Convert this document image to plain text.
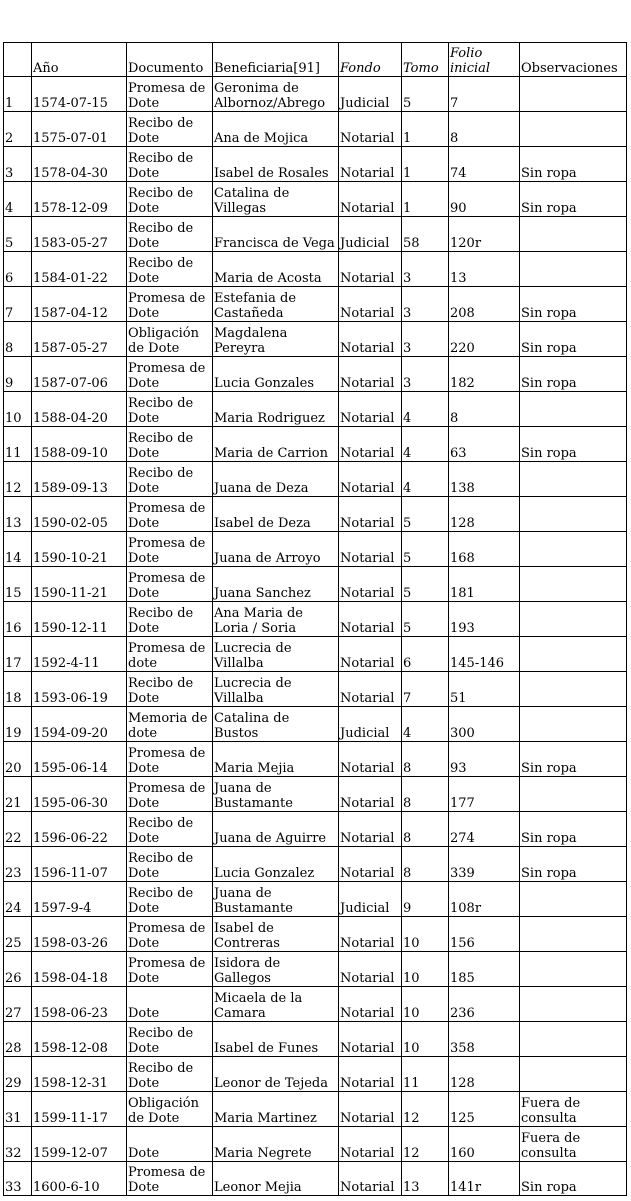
	Año	Documento	Beneficiaria[91]	Fondo	Tomo	Folio inicial	Observaciones
1	1574-07-15	Promesa de Dote	Geronima de Albornoz/Abrego	Judicial	5	7	
2	1575-07-01	Recibo de Dote	Ana de Mojica	Notarial	1	8	
3	1578-04-30	Recibo de Dote	Isabel de Rosales	Notarial	1	74	Sin ropa
4	1578-12-09	Recibo de Dote	Catalina de Villegas	Notarial	1	90	Sin ropa
5	1583-05-27	Recibo de Dote	Francisca de Vega	Judicial	58	120r	
6	1584-01-22	Recibo de Dote	Maria de Acosta	Notarial	3	13	
7	1587-04-12	Promesa de Dote	Estefania de Castañeda	Notarial	3	208	Sin ropa
8	1587-05-27	Obligación de Dote	Magdalena Pereyra	Notarial	3	220	Sin ropa
9	1587-07-06	Promesa de Dote	Lucia Gonzales	Notarial	3	182	Sin ropa
10	1588-04-20	Recibo de Dote	Maria Rodriguez	Notarial	4	8	
11	1588-09-10	Recibo de Dote	Maria de Carrion	Notarial	4	63	Sin ropa
12	1589-09-13	Recibo de Dote	Juana de Deza	Notarial	4	138	
13	1590-02-05	Promesa de Dote	Isabel de Deza	Notarial	5	128	
14	1590-10-21	Promesa de Dote	Juana de Arroyo	Notarial	5	168	
15	1590-11-21	Promesa de Dote	Juana Sanchez	Notarial	5	181	
16	1590-12-11	Recibo de Dote	Ana Maria de Loria / Soria	Notarial	5	193	
17	1592-4-11	Promesa de dote	Lucrecia de Villalba	Notarial	6	145-146	
18	1593-06-19	Recibo de Dote	Lucrecia de Villalba	Notarial	7	51	
19	1594-09-20	Memoria de dote	Catalina de Bustos	Judicial	4	300	
20	1595-06-14	Promesa de Dote	Maria Mejia	Notarial	8	93	Sin ropa
21	1595-06-30	Promesa de Dote	Juana de Bustamante	Notarial	8	177	
22	1596-06-22	Recibo de Dote	Juana de Aguirre	Notarial	8	274	Sin ropa
23	1596-11-07	Recibo de Dote	Lucia Gonzalez	Notarial	8	339	Sin ropa
24	1597-9-4	Recibo de Dote	Juana de Bustamante	Judicial	9	108r	
25	1598-03-26	Promesa de Dote	Isabel de Contreras	Notarial	10	156	
26	1598-04-18	Promesa de Dote	Isidora de Gallegos	Notarial	10	185	
27	1598-06-23	Dote	Micaela de la Camara	Notarial	10	236	
28	1598-12-08	Recibo de Dote	Isabel de Funes	Notarial	10	358	
29	1598-12-31	Recibo de Dote	Leonor de Tejeda	Notarial	11	128	
31	1599-11-17	Obligación de Dote	Maria Martinez	Notarial	12	125	Fuera de consulta
32	1599-12-07	Dote	Maria Negrete	Notarial	12	160	Fuera de consulta
33	1600-6-10	Promesa de Dote	Leonor Mejia	Notarial	13	141r	Sin ropa
